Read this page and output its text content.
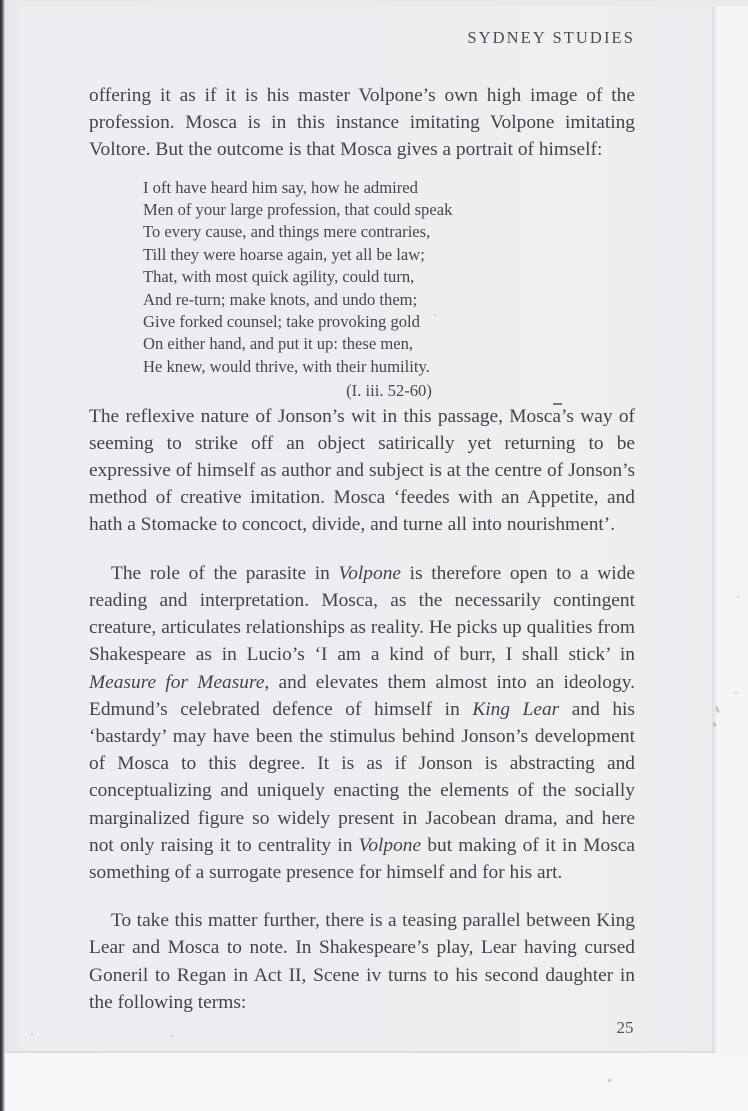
SYDNEY STUDIES

offering it as if it is his master Volpone’s own high image of the profession. Mosca is in this instance imitating Volpone imitating Voltore. But the outcome is that Mosca gives a portrait of himself:

I oft have heard him say, how he admired
Men of your large profession, that could speak
To every cause, and things mere contraries,
Till they were hoarse again, yet all be law;
That, with most quick agility, could turn,
And re-turn; make knots, and undo them;
Give forked counsel; take provoking gold
On either hand, and put it up: these men,
He knew, would thrive, with their humility.
(I. iii. 52-60)

The reflexive nature of Jonson’s wit in this passage, Mosca’s way of seeming to strike off an object satirically yet returning to be expressive of himself as author and subject is at the centre of Jonson’s method of creative imitation. Mosca ‘feedes with an Appetite, and hath a Stomacke to concoct, divide, and turne all into nourishment’.

The role of the parasite in Volpone is therefore open to a wide reading and interpretation. Mosca, as the necessarily contingent creature, articulates relationships as reality. He picks up qualities from Shakespeare as in Lucio’s ‘I am a kind of burr, I shall stick’ in Measure for Measure, and elevates them almost into an ideology. Edmund’s celebrated defence of himself in King Lear and his ‘bastardy’ may have been the stimulus behind Jonson’s development of Mosca to this degree. It is as if Jonson is abstracting and conceptualizing and uniquely enacting the elements of the socially marginalized figure so widely present in Jacobean drama, and here not only raising it to centrality in Volpone but making of it in Mosca something of a surrogate presence for himself and for his art.

To take this matter further, there is a teasing parallel between King Lear and Mosca to note. In Shakespeare’s play, Lear having cursed Goneril to Regan in Act II, Scene iv turns to his second daughter in the following terms:

25
